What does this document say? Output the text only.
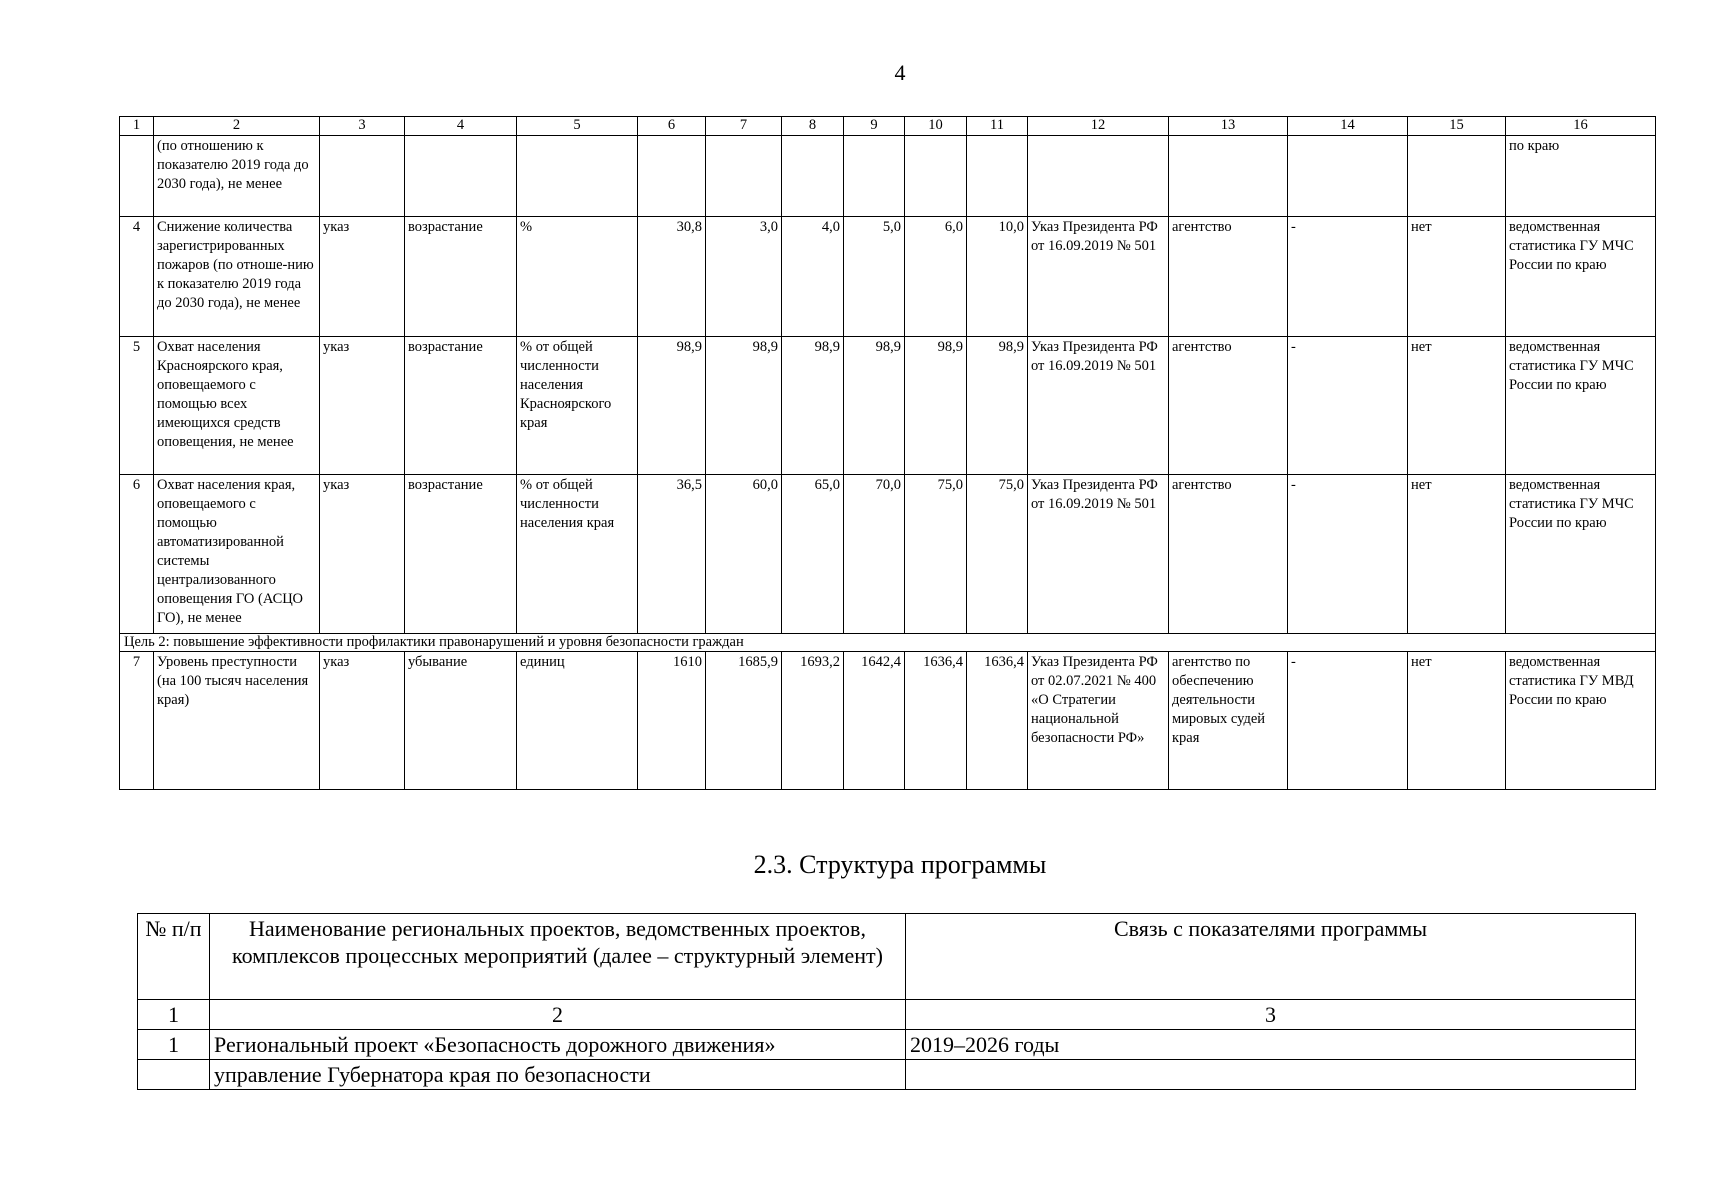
4
1	2	3	4	5	6	7	8	9	10	11	12	13	14	15	16
	(по отношению к показателю 2019 года до 2030 года), не менее														по краю
4	Снижение количества зарегистрированных пожаров (по отноше-нию к показателю 2019 года до 2030 года), не менее	указ	возрастание	%	30,8	3,0	4,0	5,0	6,0	10,0	Указ Президента РФ от 16.09.2019 № 501	агентство	-	нет	ведомственная статистика ГУ МЧС России по краю
5	Охват населения Красноярского края, оповещаемого с помощью всех имеющихся средств оповещения, не менее	указ	возрастание	% от общей численности населения Красноярского края	98,9	98,9	98,9	98,9	98,9	98,9	Указ Президента РФ от 16.09.2019 № 501	агентство	-	нет	ведомственная статистика ГУ МЧС России по краю
6	Охват населения края, оповещаемого с помощью автоматизированной системы централизованного оповещения ГО (АСЦО ГО), не менее	указ	возрастание	% от общей численности населения края	36,5	60,0	65,0	70,0	75,0	75,0	Указ Президента РФ от 16.09.2019 № 501	агентство	-	нет	ведомственная статистика ГУ МЧС России по краю
Цель 2: повышение эффективности профилактики правонарушений и уровня безопасности граждан															
7	Уровень преступности (на 100 тысяч населения края)	указ	убывание	единиц	1610	1685,9	1693,2	1642,4	1636,4	1636,4	Указ Президента РФ от 02.07.2021 № 400 «О Стратегии национальной безопасности РФ»	агентство по обеспечению деятельности мировых судей края	-	нет	ведомственная статистика ГУ МВД России по краю
2.3. Структура программы
№ п/п	Наименование региональных проектов, ведомственных проектов, комплексов процессных мероприятий (далее – структурный элемент)	Связь с показателями программы
1	2	3
1	Региональный проект «Безопасность дорожного движения»	2019–2026 годы
	управление Губернатора края по безопасности	
